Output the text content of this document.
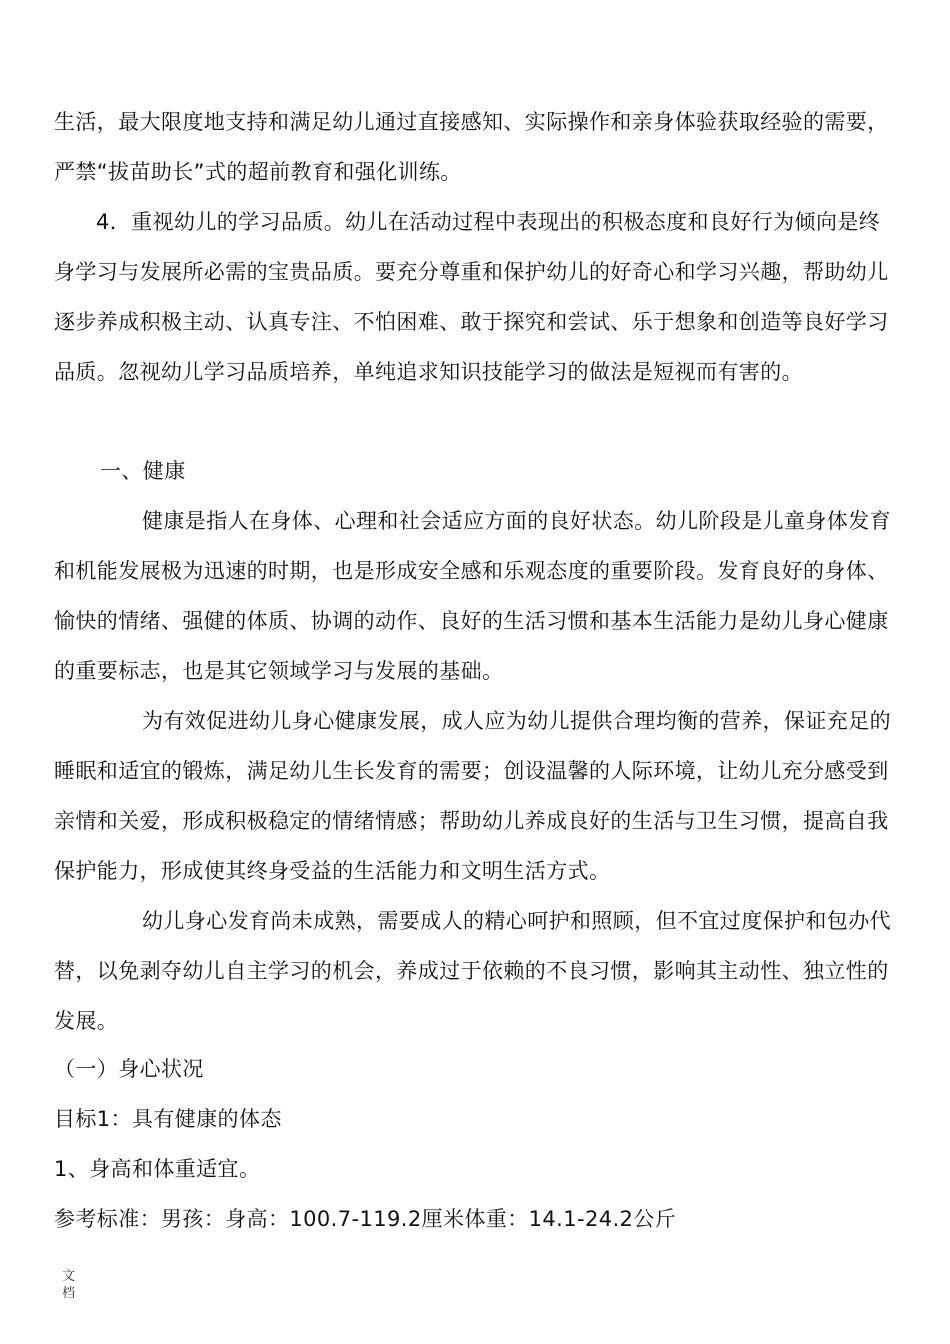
生活，最大限度地支持和满足幼儿通过直接感知、实际操作和亲身体验获取经验的需要，严禁“拔苗助长”式的超前教育和强化训练。

4．重视幼儿的学习品质。幼儿在活动过程中表现出的积极态度和良好行为倾向是终身学习与发展所必需的宝贵品质。要充分尊重和保护幼儿的好奇心和学习兴趣，帮助幼儿逐步养成积极主动、认真专注、不怕困难、敢于探究和尝试、乐于想象和创造等良好学习品质。忽视幼儿学习品质培养，单纯追求知识技能学习的做法是短视而有害的。

一、健康

健康是指人在身体、心理和社会适应方面的良好状态。幼儿阶段是儿童身体发育和机能发展极为迅速的时期，也是形成安全感和乐观态度的重要阶段。发育良好的身体、愉快的情绪、强健的体质、协调的动作、良好的生活习惯和基本生活能力是幼儿身心健康的重要标志，也是其它领域学习与发展的基础。

为有效促进幼儿身心健康发展，成人应为幼儿提供合理均衡的营养，保证充足的睡眠和适宜的锻炼，满足幼儿生长发育的需要；创设温馨的人际环境，让幼儿充分感受到亲情和关爱，形成积极稳定的情绪情感；帮助幼儿养成良好的生活与卫生习惯，提高自我保护能力，形成使其终身受益的生活能力和文明生活方式。

幼儿身心发育尚未成熟，需要成人的精心呵护和照顾，但不宜过度保护和包办代替，以免剥夺幼儿自主学习的机会，养成过于依赖的不良习惯，影响其主动性、独立性的发展。

（一）身心状况

目标1：具有健康的体态

1、身高和体重适宜。

参考标准：男孩：身高：100.7-119.2厘米体重：14.1-24.2公斤

文档
